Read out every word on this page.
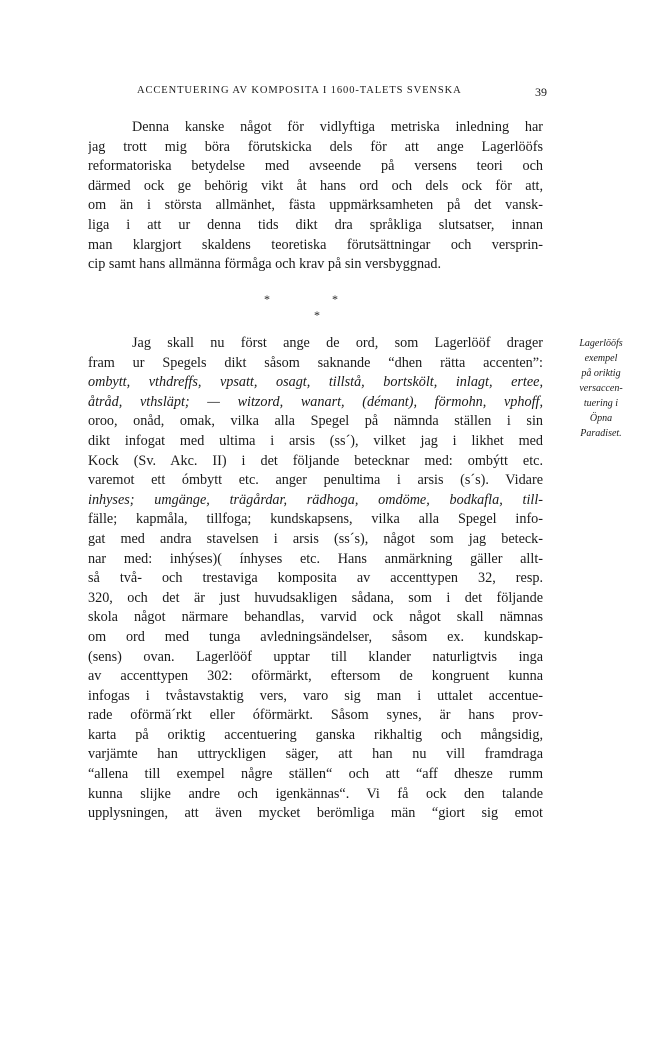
ACCENTUERING AV KOMPOSITA I 1600-TALETS SVENSKA	39
Denna kanske något för vidlyftiga metriska inledning har
jag trott mig böra förutskicka dels för att ange Lagerlööfs
reformatoriska betydelse med avseende på versens teori och
därmed ock ge behörig vikt åt hans ord och dels ock för att,
om än i största allmänhet, fästa uppmärksamheten på det vansk-
liga i att ur denna tids dikt dra språkliga slutsatser, innan
man klargjort skaldens teoretiska förutsättningar och versprin-
cip samt hans allmänna förmåga och krav på sin versbyggnad.
*	*
*
Jag skall nu först ange de ord, som Lagerlööf drager
fram ur Spegels dikt såsom saknande “dhen rätta accenten”:
ombytt, vthdreffs, vpsatt, osagt, tillstå, bortskölt, inlagt, ertee,
åtråd, vthsläpt; — witzord, wanart, (démant), förmohn, vphoff,
oroo, onåd, omak, vilka alla Spegel på nämnda ställen i sin
dikt infogat med ultima i arsis (ss´), vilket jag i likhet med
Kock (Sv. Akc. II) i det följande betecknar med: ombýtt etc.
varemot ett ómbytt etc. anger penultima i arsis (s´s). Vidare
inhyses; umgänge, trägårdar, rädhoga, omdöme, bodkafla, till-
fälle; kapmåla, tillfoga; kundskapsens, vilka alla Spegel info-
gat med andra stavelsen i arsis (ss´s), något som jag beteck-
nar med: inhýses)( ínhyses etc. Hans anmärkning gäller allt-
så två- och trestaviga komposita av accenttypen 32, resp.
320, och det är just huvudsakligen sådana, som i det följande
skola något närmare behandlas, varvid ock något skall nämnas
om ord med tunga avledningsändelser, såsom ex. kundskap-
(sens) ovan. Lagerlööf upptar till klander naturligtvis inga
av accenttypen 302: oförmärkt, eftersom de kongruent kunna
infogas i tvåstavstaktig vers, varo sig man i uttalet accentue-
rade oförmä´rkt eller óförmärkt. Såsom synes, är hans prov-
karta på oriktig accentuering ganska rikhaltig och mångsidig,
varjämte han uttryckligen säger, att han nu vill framdraga
“allena till exempel någre ställen“ och att “aff dhesze rumm
kunna slijke andre och igenkännas“. Vi få ock den talande
upplysningen, att även mycket berömliga män “giort sig emot
Lagerlööfs
exempel
på oriktig
versaccen-
tuering i
Öpna
Paradiset.
